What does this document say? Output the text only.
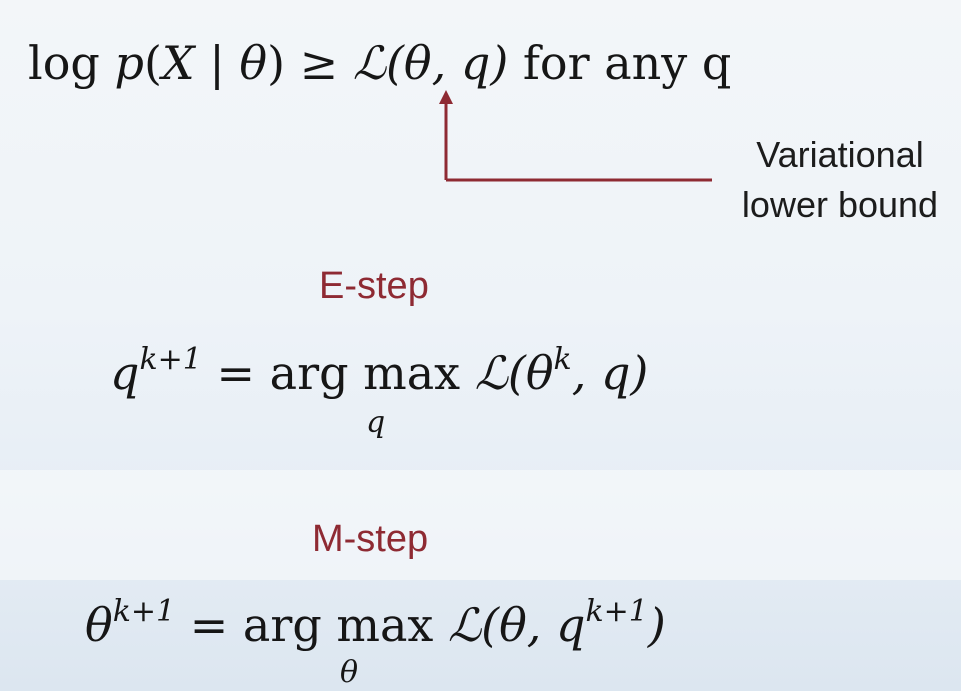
log p(X | θ) ≥ ℒ(θ, q) for any q
Variational
lower bound
E-step
$q^{k+1}$ = arg $\max ℒ(\theta^k$, q)
q
M-step
$\theta^{k+1}$ = arg max ℒ(θ, $q^{k+1}$)
θ
